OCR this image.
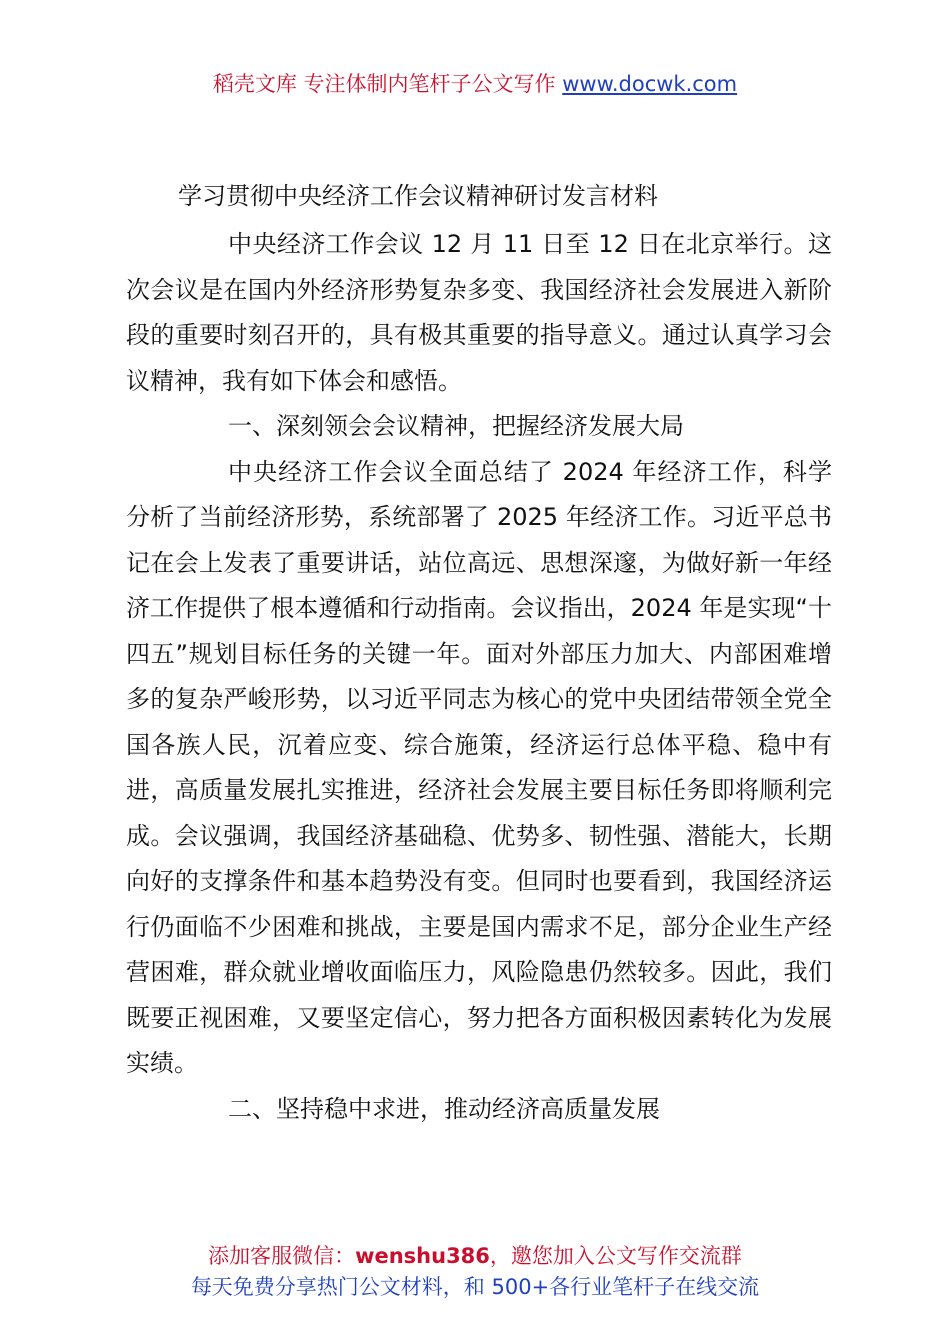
稻壳文库 专注体制内笔杆子公文写作 www.docwk.com
学习贯彻中央经济工作会议精神研讨发言材料

中央经济工作会议 12 月 11 日至 12 日在北京举行。这次会议是在国内外经济形势复杂多变、我国经济社会发展进入新阶段的重要时刻召开的，具有极其重要的指导意义。通过认真学习会议精神，我有如下体会和感悟。

一、深刻领会会议精神，把握经济发展大局

中央经济工作会议全面总结了 2024 年经济工作，科学分析了当前经济形势，系统部署了 2025 年经济工作。习近平总书记在会上发表了重要讲话，站位高远、思想深邃，为做好新一年经济工作提供了根本遵循和行动指南。会议指出，2024 年是实现“十四五”规划目标任务的关键一年。面对外部压力加大、内部困难增多的复杂严峻形势，以习近平同志为核心的党中央团结带领全党全国各族人民，沉着应变、综合施策，经济运行总体平稳、稳中有进，高质量发展扎实推进，经济社会发展主要目标任务即将顺利完成。会议强调，我国经济基础稳、优势多、韧性强、潜能大，长期向好的支撑条件和基本趋势没有变。但同时也要看到，我国经济运行仍面临不少困难和挑战，主要是国内需求不足，部分企业生产经营困难，群众就业增收面临压力，风险隐患仍然较多。因此，我们既要正视困难，又要坚定信心，努力把各方面积极因素转化为发展实绩。

二、坚持稳中求进，推动经济高质量发展

添加客服微信：wenshu386，邀您加入公文写作交流群
每天免费分享热门公文材料，和 500+各行业笔杆子在线交流
